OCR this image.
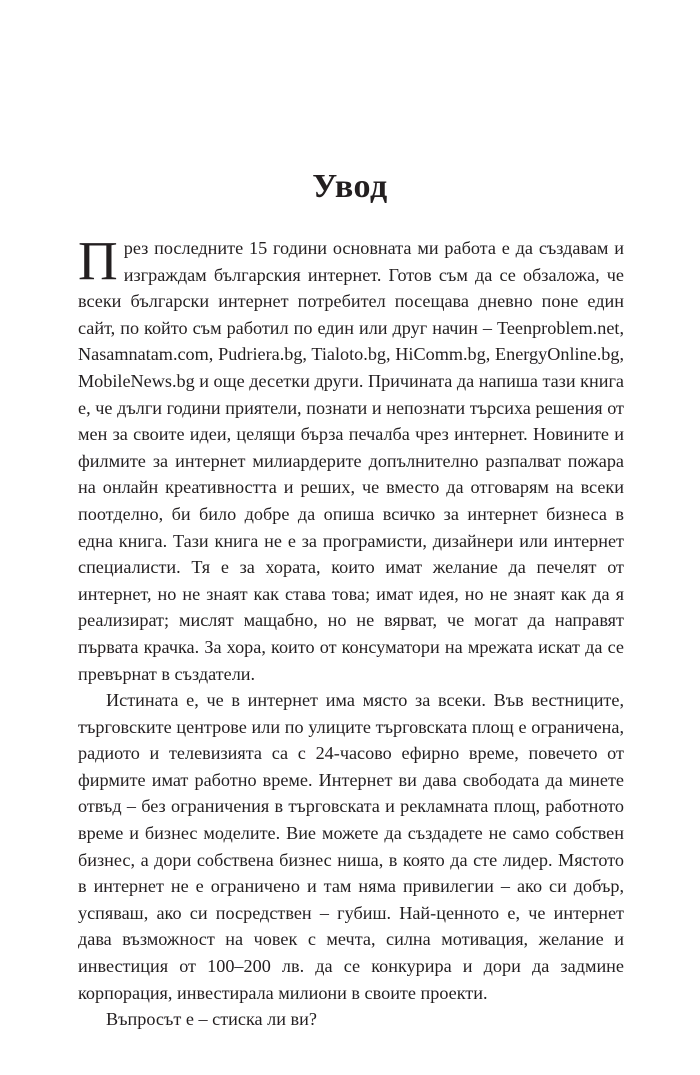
Увод

През последните 15 години основната ми работа е да създавам и изграждам българския интернет. Готов съм да се обзаложа, че всеки български интернет потребител посещава дневно поне един сайт, по който съм работил по един или друг начин – Teenproblem.net, Nasamnatam.com, Pudriera.bg, Tialoto.bg, HiComm.bg, EnergyOnline.bg, MobileNews.bg и още десетки други. Причината да напиша тази книга е, че дълги години приятели, познати и непознати търсиха решения от мен за своите идеи, целящи бърза печалба чрез интернет. Новините и филмите за интернет милиардерите допълнително разпалват пожара на онлайн креативността и реших, че вместо да отговарям на всеки поотделно, би било добре да опиша всичко за интернет бизнеса в една книга. Тази книга не е за програмисти, дизайнери или интернет специалисти. Тя е за хората, които имат желание да печелят от интернет, но не знаят как става това; имат идея, но не знаят как да я реализират; мислят мащабно, но не вярват, че могат да направят първата крачка. За хора, които от консуматори на мрежата искат да се превърнат в създатели.

Истината е, че в интернет има място за всеки. Във вестниците, търговските центрове или по улиците търговската площ е ограничена, радиото и телевизията са с 24-часово ефирно време, повечето от фирмите имат работно време. Интернет ви дава свободата да минете отвъд – без ограничения в търговската и рекламната площ, работното време и бизнес моделите. Вие можете да създадете не само собствен бизнес, а дори собствена бизнес ниша, в която да сте лидер. Мястото в интернет не е ограничено и там няма привилегии – ако си добър, успяваш, ако си посредствен – губиш. Най-ценното е, че интернет дава възможност на човек с мечта, силна мотивация, желание и инвестиция от 100–200 лв. да се конкурира и дори да задмине корпорация, инвестирала милиони в своите проекти.

Въпросът е – стиска ли ви?
